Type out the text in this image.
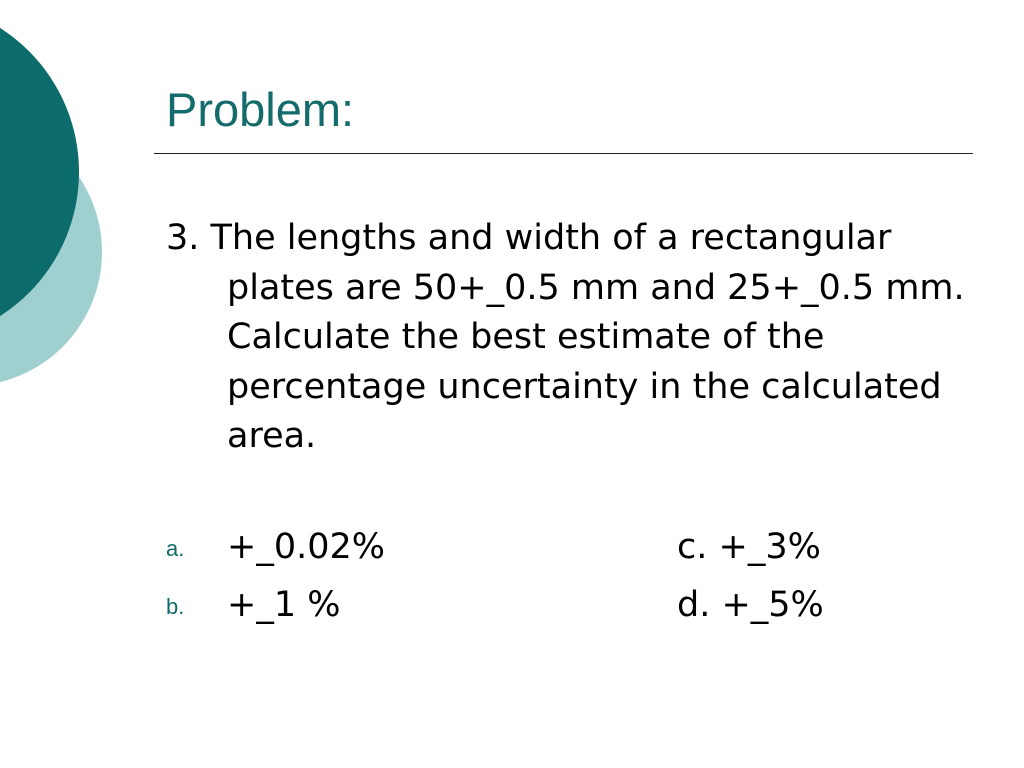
Problem:

3. The lengths and width of a rectangular plates are 50+_0.5 mm and 25+_0.5 mm. Calculate the best estimate of the percentage uncertainty in the calculated area.

a. +_0.02%	c. +_3%
b. +_1 %	d. +_5%
